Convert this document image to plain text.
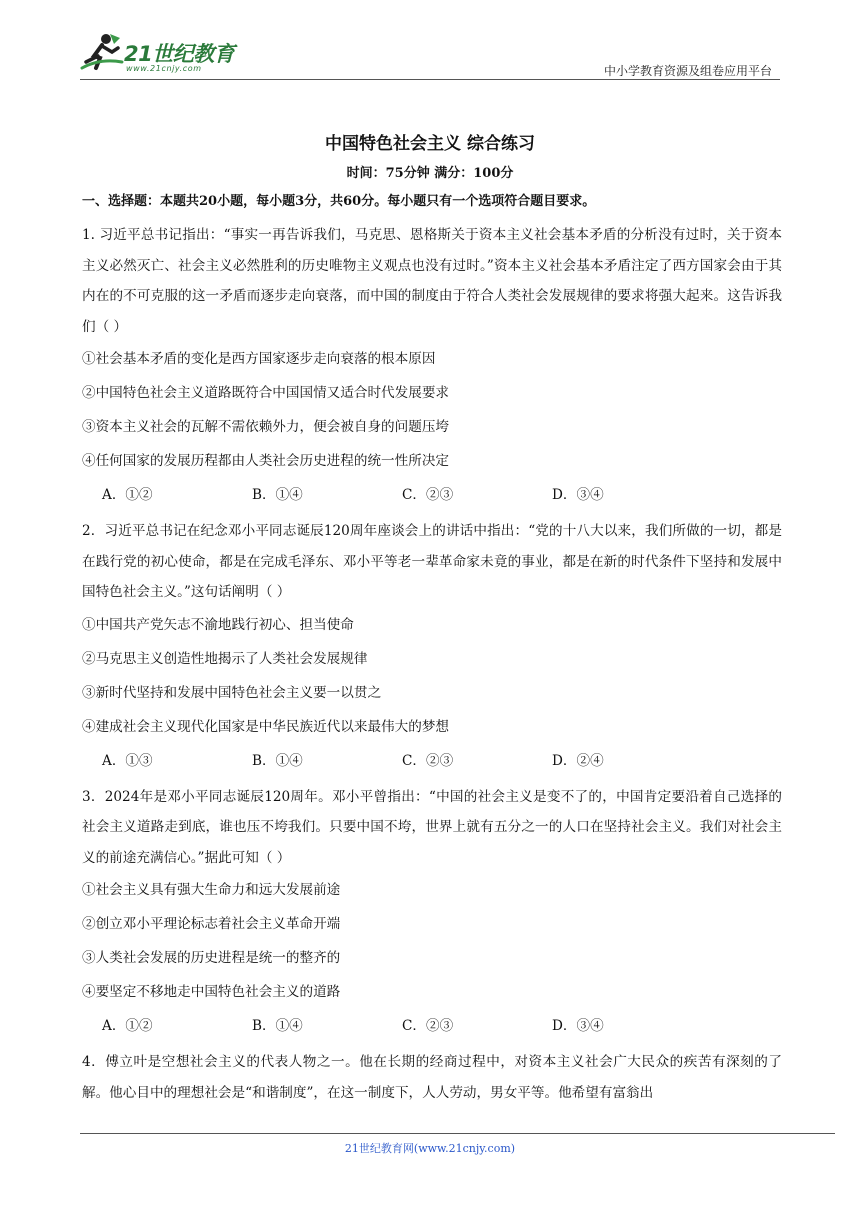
21世纪教育
www.21cnjy.com	中小学教育资源及组卷应用平台
中国特色社会主义 综合练习
时间：75分钟 满分：100分
一、选择题：本题共20小题，每小题3分，共60分。每小题只有一个选项符合题目要求。

1. 习近平总书记指出：“事实一再告诉我们，马克思、恩格斯关于资本主义社会基本矛盾的分析没有过时，关于资本主义必然灭亡、社会主义必然胜利的历史唯物主义观点也没有过时。”资本主义社会基本矛盾注定了西方国家会由于其内在的不可克服的这一矛盾而逐步走向衰落，而中国的制度由于符合人类社会发展规律的要求将强大起来。这告诉我们（ ）

①社会基本矛盾的变化是西方国家逐步走向衰落的根本原因

②中国特色社会主义道路既符合中国国情又适合时代发展要求

③资本主义社会的瓦解不需依赖外力，便会被自身的问题压垮

④任何国家的发展历程都由人类社会历史进程的统一性所决定

A．①②	B．①④	C．②③	D．③④

2．习近平总书记在纪念邓小平同志诞辰120周年座谈会上的讲话中指出：“党的十八大以来，我们所做的一切，都是在践行党的初心使命，都是在完成毛泽东、邓小平等老一辈革命家未竟的事业，都是在新的时代条件下坚持和发展中国特色社会主义。”这句话阐明（ ）

①中国共产党矢志不渝地践行初心、担当使命

②马克思主义创造性地揭示了人类社会发展规律

③新时代坚持和发展中国特色社会主义要一以贯之

④建成社会主义现代化国家是中华民族近代以来最伟大的梦想

A．①③	B．①④	C．②③	D．②④

3．2024年是邓小平同志诞辰120周年。邓小平曾指出：“中国的社会主义是变不了的，中国肯定要沿着自己选择的社会主义道路走到底，谁也压不垮我们。只要中国不垮，世界上就有五分之一的人口在坚持社会主义。我们对社会主义的前途充满信心。”据此可知（ ）

①社会主义具有强大生命力和远大发展前途

②创立邓小平理论标志着社会主义革命开端

③人类社会发展的历史进程是统一的整齐的

④要坚定不移地走中国特色社会主义的道路

A．①②	B．①④	C．②③	D．③④

4．傅立叶是空想社会主义的代表人物之一。他在长期的经商过程中，对资本主义社会广大民众的疾苦有深刻的了解。他心目中的理想社会是“和谐制度”，在这一制度下，人人劳动，男女平等。他希望有富翁出

21世纪教育网(www.21cnjy.com)
